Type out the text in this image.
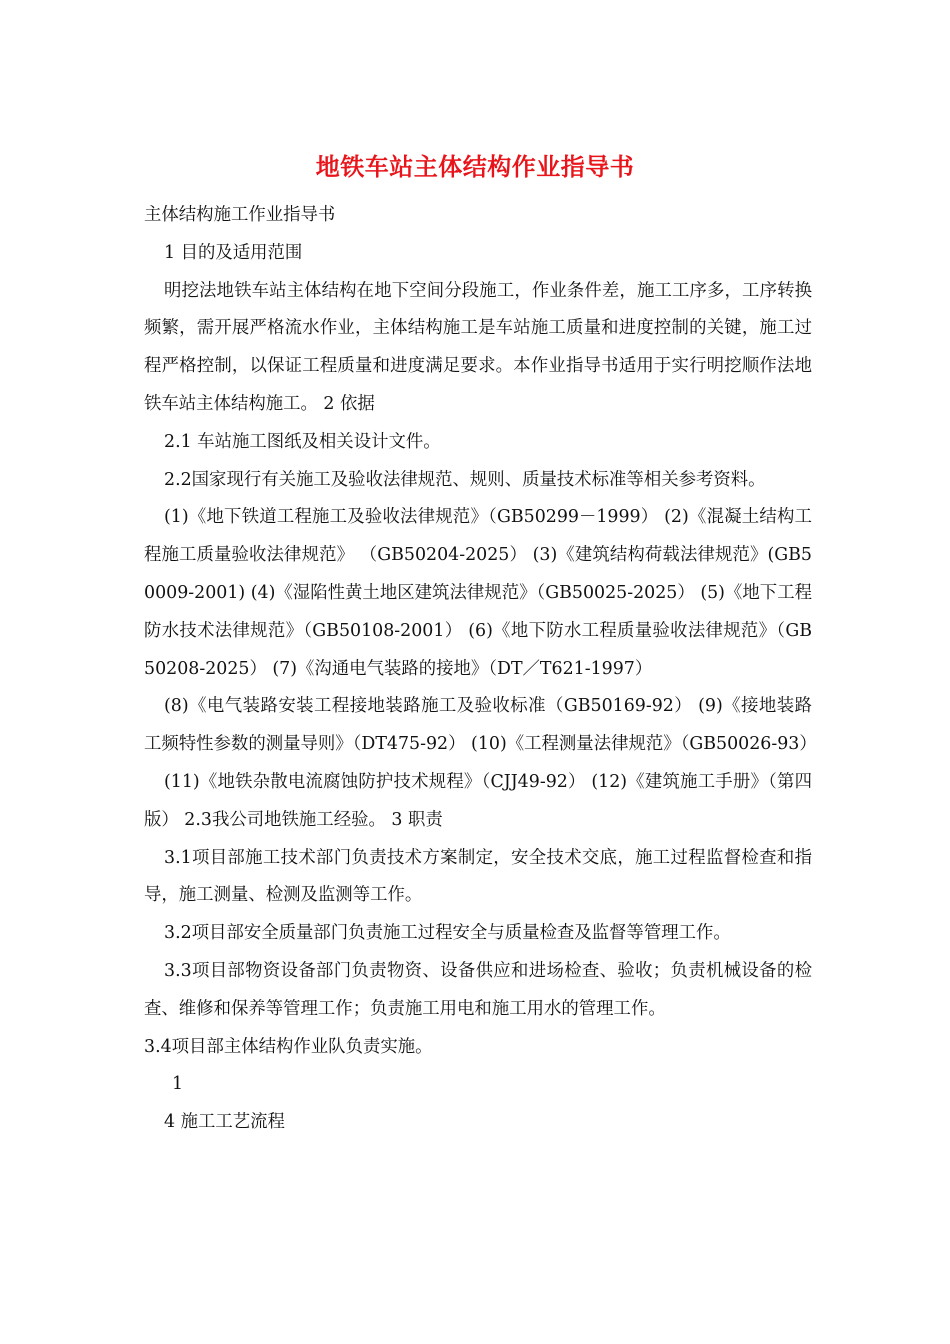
地铁车站主体结构作业指导书

主体结构施工作业指导书

1 目的及适用范围

明挖法地铁车站主体结构在地下空间分段施工，作业条件差，施工工序多，工序转换频繁，需开展严格流水作业，主体结构施工是车站施工质量和进度控制的关键，施工过程严格控制，以保证工程质量和进度满足要求。本作业指导书适用于实行明挖顺作法地铁车站主体结构施工。 2 依据

2.1 车站施工图纸及相关设计文件。

2.2国家现行有关施工及验收法律规范、规则、质量技术标准等相关参考资料。

(1)《地下铁道工程施工及验收法律规范》（GB50299－1999） (2)《混凝土结构工程施工质量验收法律规范》 （GB50204-2025） (3)《建筑结构荷载法律规范》(GB50009-2001) (4)《湿陷性黄土地区建筑法律规范》（GB50025-2025） (5)《地下工程防水技术法律规范》（GB50108-2001） (6)《地下防水工程质量验收法律规范》（GB50208-2025） (7)《沟通电气装路的接地》（DT／T621-1997）

(8)《电气装路安装工程接地装路施工及验收标准（GB50169-92） (9)《接地装路工频特性参数的测量导则》（DT475-92） (10)《工程测量法律规范》（GB50026-93）

(11)《地铁杂散电流腐蚀防护技术规程》（CJJ49-92） (12)《建筑施工手册》（第四版） 2.3我公司地铁施工经验。 3 职责

3.1项目部施工技术部门负责技术方案制定，安全技术交底，施工过程监督检查和指导，施工测量、检测及监测等工作。

3.2项目部安全质量部门负责施工过程安全与质量检查及监督等管理工作。

3.3项目部物资设备部门负责物资、设备供应和进场检查、验收；负责机械设备的检查、维修和保养等管理工作；负责施工用电和施工用水的管理工作。

3.4项目部主体结构作业队负责实施。

1

4 施工工艺流程
